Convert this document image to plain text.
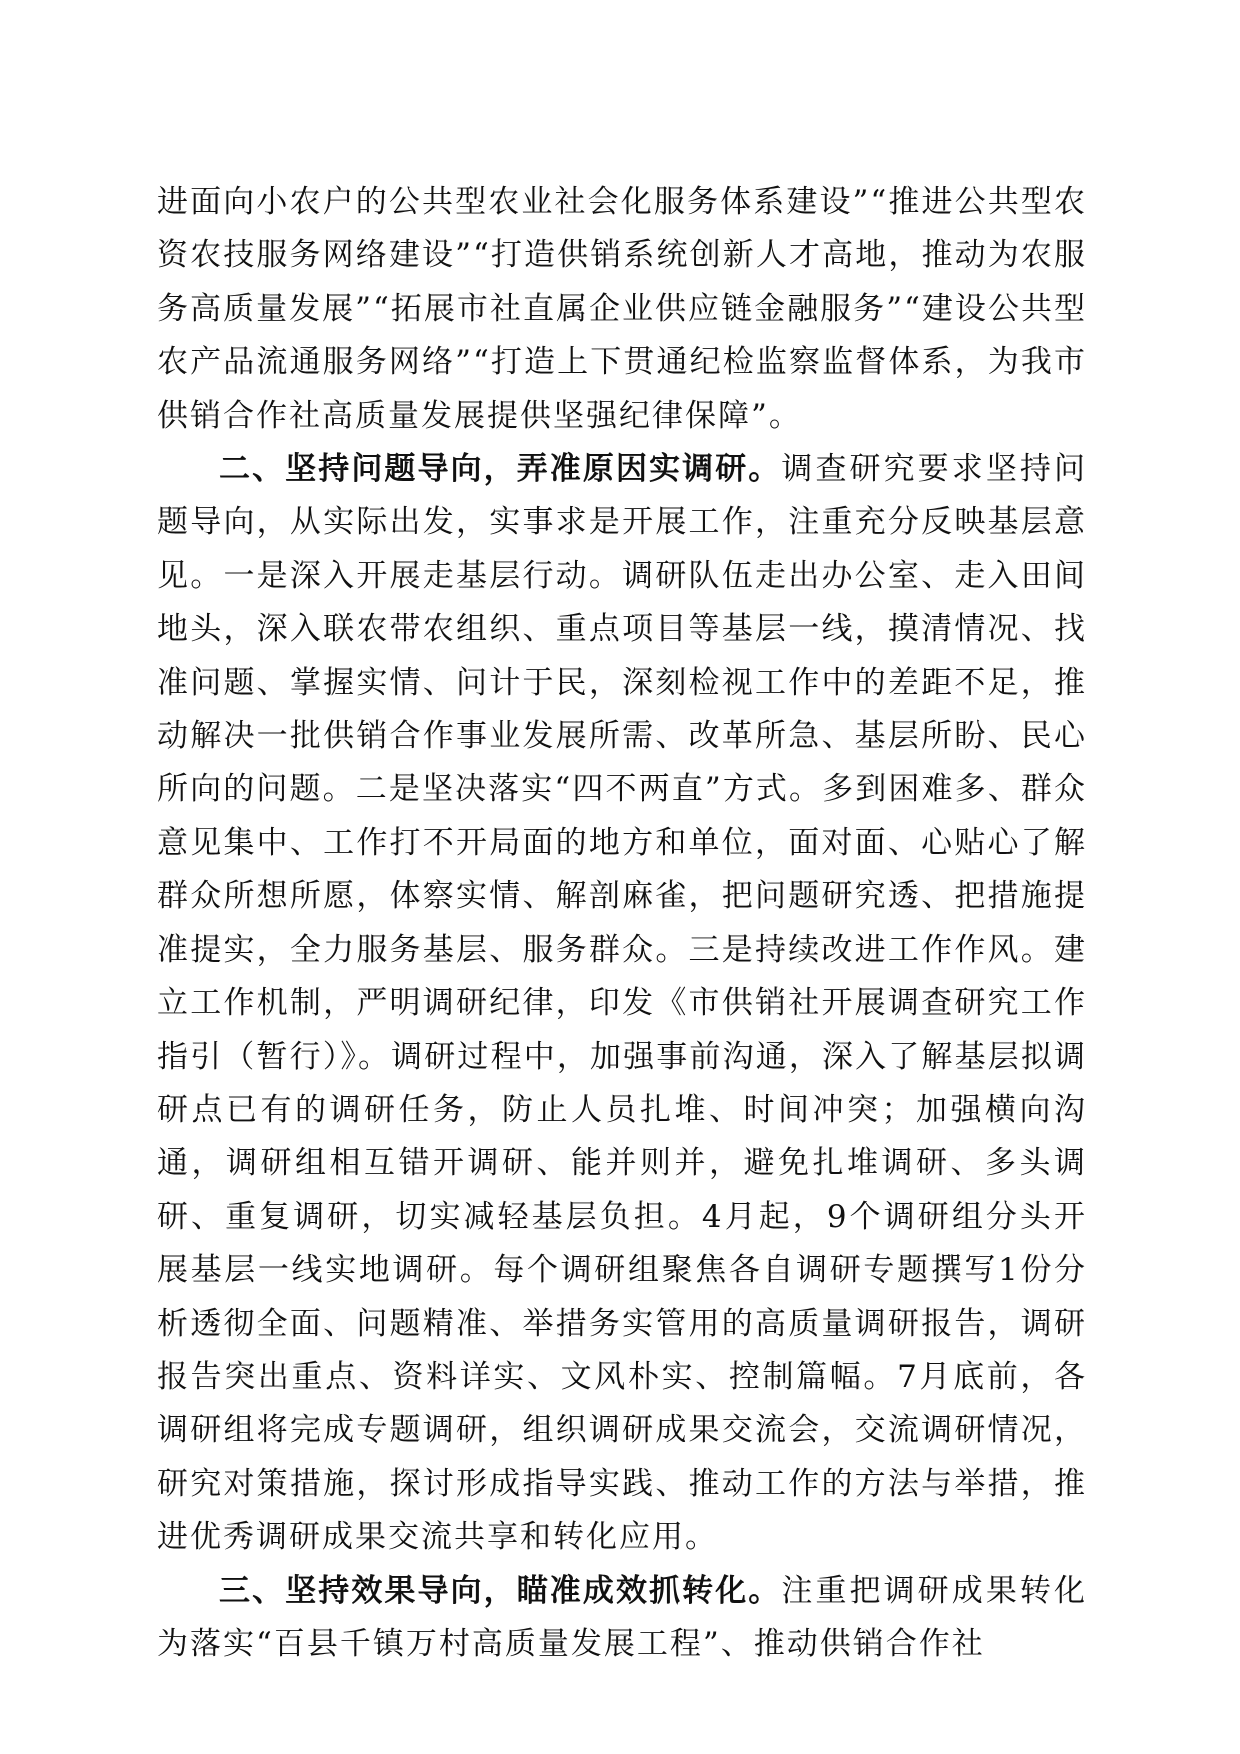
进面向小农户的公共型农业社会化服务体系建设”“推进公共型农资农技服务网络建设”“打造供销系统创新人才高地，推动为农服务高质量发展”“拓展市社直属企业供应链金融服务”“建设公共型农产品流通服务网络”“打造上下贯通纪检监察监督体系，为我市供销合作社高质量发展提供坚强纪律保障”。

二、坚持问题导向，弄准原因实调研。调查研究要求坚持问题导向，从实际出发，实事求是开展工作，注重充分反映基层意见。一是深入开展走基层行动。调研队伍走出办公室、走入田间地头，深入联农带农组织、重点项目等基层一线，摸清情况、找准问题、掌握实情、问计于民，深刻检视工作中的差距不足，推动解决一批供销合作事业发展所需、改革所急、基层所盼、民心所向的问题。二是坚决落实“四不两直”方式。多到困难多、群众意见集中、工作打不开局面的地方和单位，面对面、心贴心了解群众所想所愿，体察实情、解剖麻雀，把问题研究透、把措施提准提实，全力服务基层、服务群众。三是持续改进工作作风。建立工作机制，严明调研纪律，印发《市供销社开展调查研究工作指引（暂行）》。调研过程中，加强事前沟通，深入了解基层拟调研点已有的调研任务，防止人员扎堆、时间冲突；加强横向沟通，调研组相互错开调研、能并则并，避免扎堆调研、多头调研、重复调研，切实减轻基层负担。4月起，9个调研组分头开展基层一线实地调研。每个调研组聚焦各自调研专题撰写1份分析透彻全面、问题精准、举措务实管用的高质量调研报告，调研报告突出重点、资料详实、文风朴实、控制篇幅。7月底前，各调研组将完成专题调研，组织调研成果交流会，交流调研情况，研究对策措施，探讨形成指导实践、推动工作的方法与举措，推进优秀调研成果交流共享和转化应用。

三、坚持效果导向，瞄准成效抓转化。注重把调研成果转化为落实“百县千镇万村高质量发展工程”、推动供销合作社
